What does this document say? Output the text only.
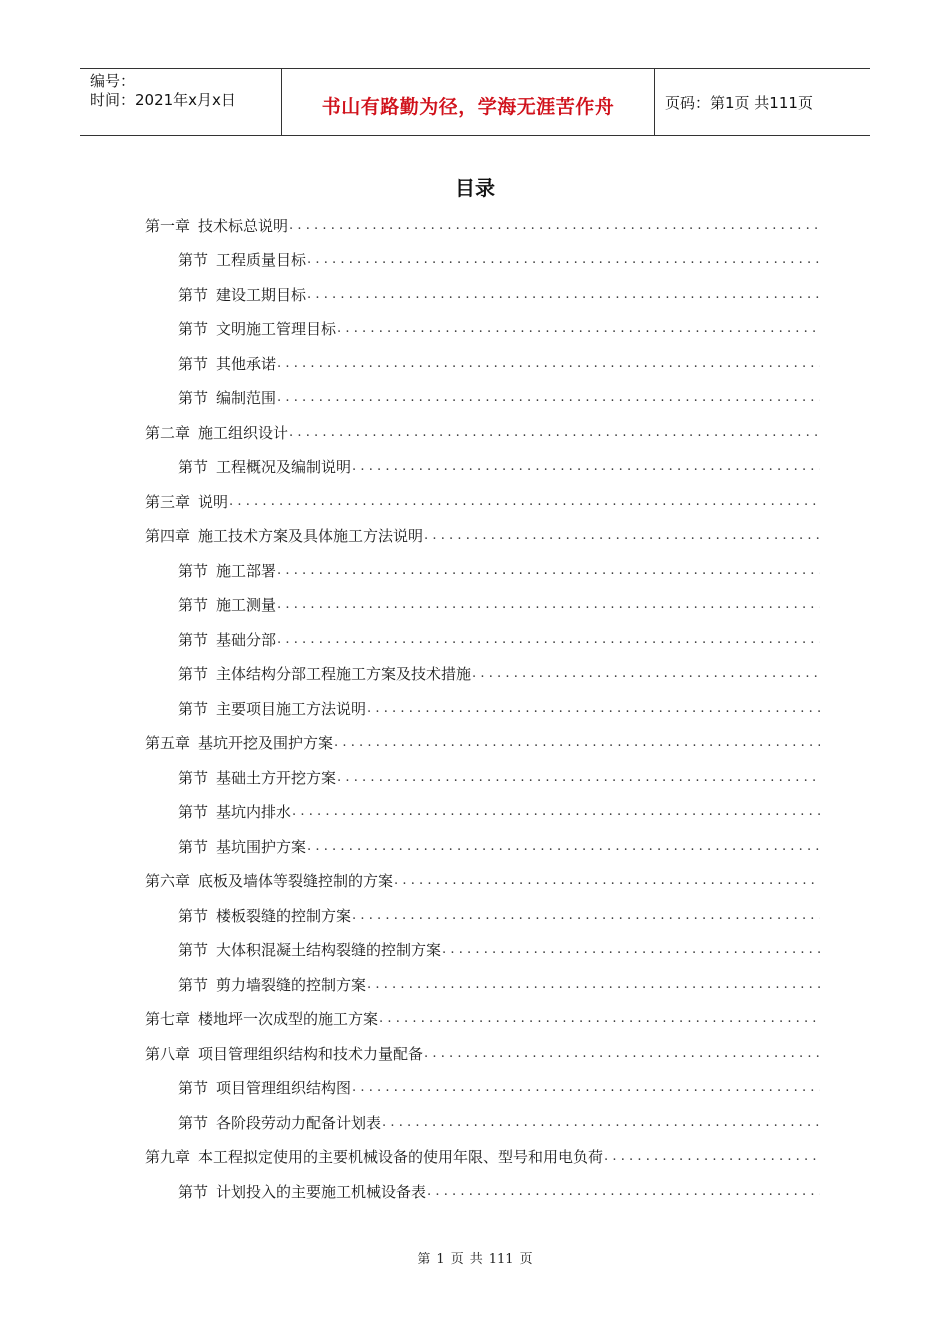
编号：
时间：2021年x月x日	书山有路勤为径，学海无涯苦作舟	页码：第1页 共111页
目录
第一章 技术标总说明
.....
第节 工程质量目标
.....
第节 建设工期目标
.....
第节 文明施工管理目标
.....
第节 其他承诺
.....
第节 编制范围
.....
第二章 施工组织设计
.....
第节 工程概况及编制说明
.....
第三章 说明
.....
第四章 施工技术方案及具体施工方法说明
.....
第节 施工部署
.....
第节 施工测量
.....
第节 基础分部
.....
第节 主体结构分部工程施工方案及技术措施
.....
第节 主要项目施工方法说明
.....
第五章 基坑开挖及围护方案
.....
第节 基础土方开挖方案
.....
第节 基坑内排水
.....
第节 基坑围护方案
.....
第六章 底板及墙体等裂缝控制的方案
.....
第节 楼板裂缝的控制方案
.....
第节 大体积混凝土结构裂缝的控制方案
.....
第节 剪力墙裂缝的控制方案
.....
第七章 楼地坪一次成型的施工方案
.....
第八章 项目管理组织结构和技术力量配备
.....
第节 项目管理组织结构图
.....
第节 各阶段劳动力配备计划表
.....
第九章 本工程拟定使用的主要机械设备的使用年限、型号和用电负荷
.....
第节 计划投入的主要施工机械设备表
.....
第 1 页 共 111 页
